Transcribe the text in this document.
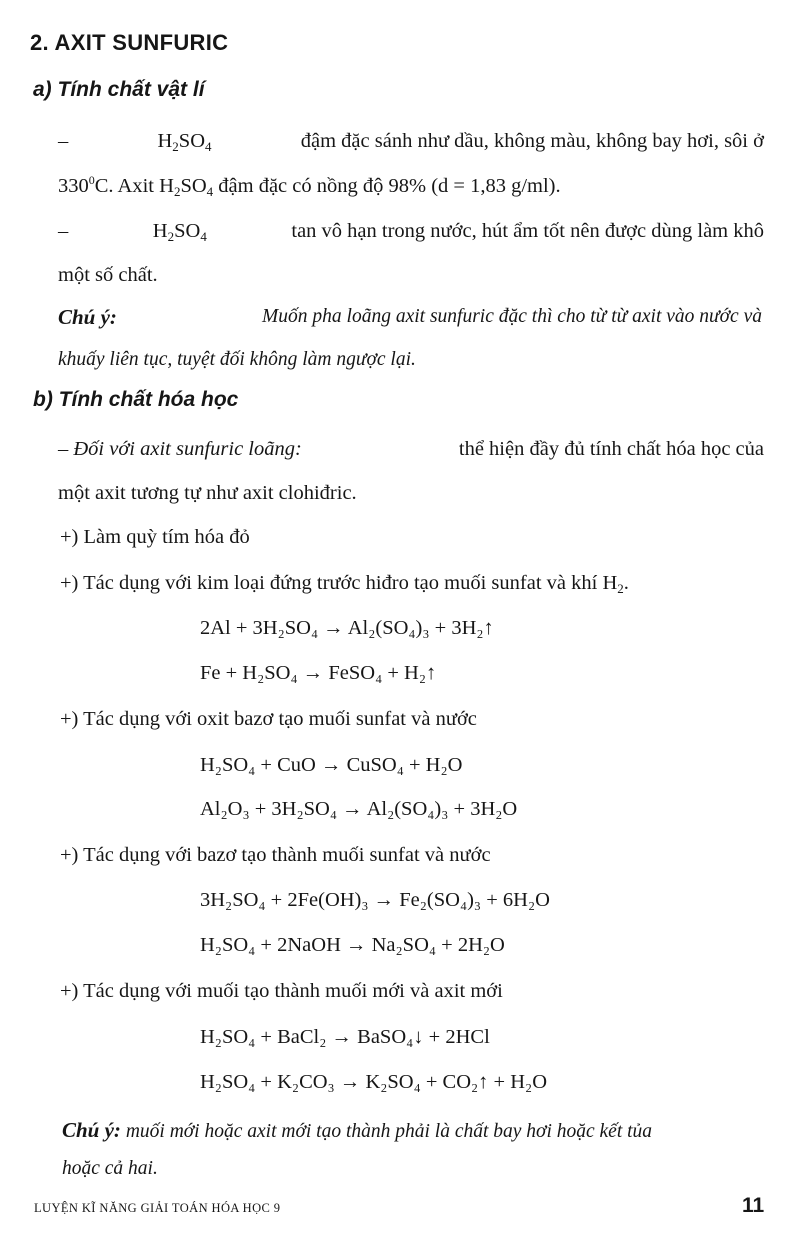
2. AXIT SUNFURIC
a) Tính chất vật lí
–	$H_2SO_4$	đậm đặc sánh như dầu, không màu, không bay hơi, sôi ở
$330^0C$. Axit $H_2SO_4$ đậm đặc có nồng độ 98% (d = 1,83 g/ml).
–	$H_2SO_4$	tan vô hạn trong nước, hút ẩm tốt nên được dùng làm khô
một số chất.
Chú ý:	Muốn pha loãng axit sunfuric đặc thì cho từ từ axit vào nước và
khuấy liên tục, tuyệt đối không làm ngược lại.
b) Tính chất hóa học
– Đối với axit sunfuric loãng:	thể hiện đầy đủ tính chất hóa học của
một axit tương tự như axit clohiđric.
+) Làm quỳ tím hóa đỏ
+) Tác dụng với kim loại đứng trước hiđro tạo muối sunfat và khí $H_2$.
2Al + 3H₂SO₄ → Al₂(SO₄)₃ + 3H₂↑
Fe + H₂SO₄ → FeSO₄ + H₂↑
+) Tác dụng với oxit bazơ tạo muối sunfat và nước
H₂SO₄ + CuO → CuSO₄ + H₂O
Al₂O₃ + 3H₂SO₄ → Al₂(SO₄)₃ + 3H₂O
+) Tác dụng với bazơ tạo thành muối sunfat và nước
3H₂SO₄ + 2Fe(OH)₃ → Fe₂(SO₄)₃ + 6H₂O
H₂SO₄ + 2NaOH → Na₂SO₄ + 2H₂O
+) Tác dụng với muối tạo thành muối mới và axit mới
H₂SO₄ + BaCl₂ → BaSO₄↓ + 2HCl
H₂SO₄ + K₂CO₃ → K₂SO₄ + CO₂↑ + H₂O
Chú ý: muối mới hoặc axit mới tạo thành phải là chất bay hơi hoặc kết tủa
hoặc cả hai.
LUYỆN KĨ NĂNG GIẢI TOÁN HÓA HỌC 9	11
